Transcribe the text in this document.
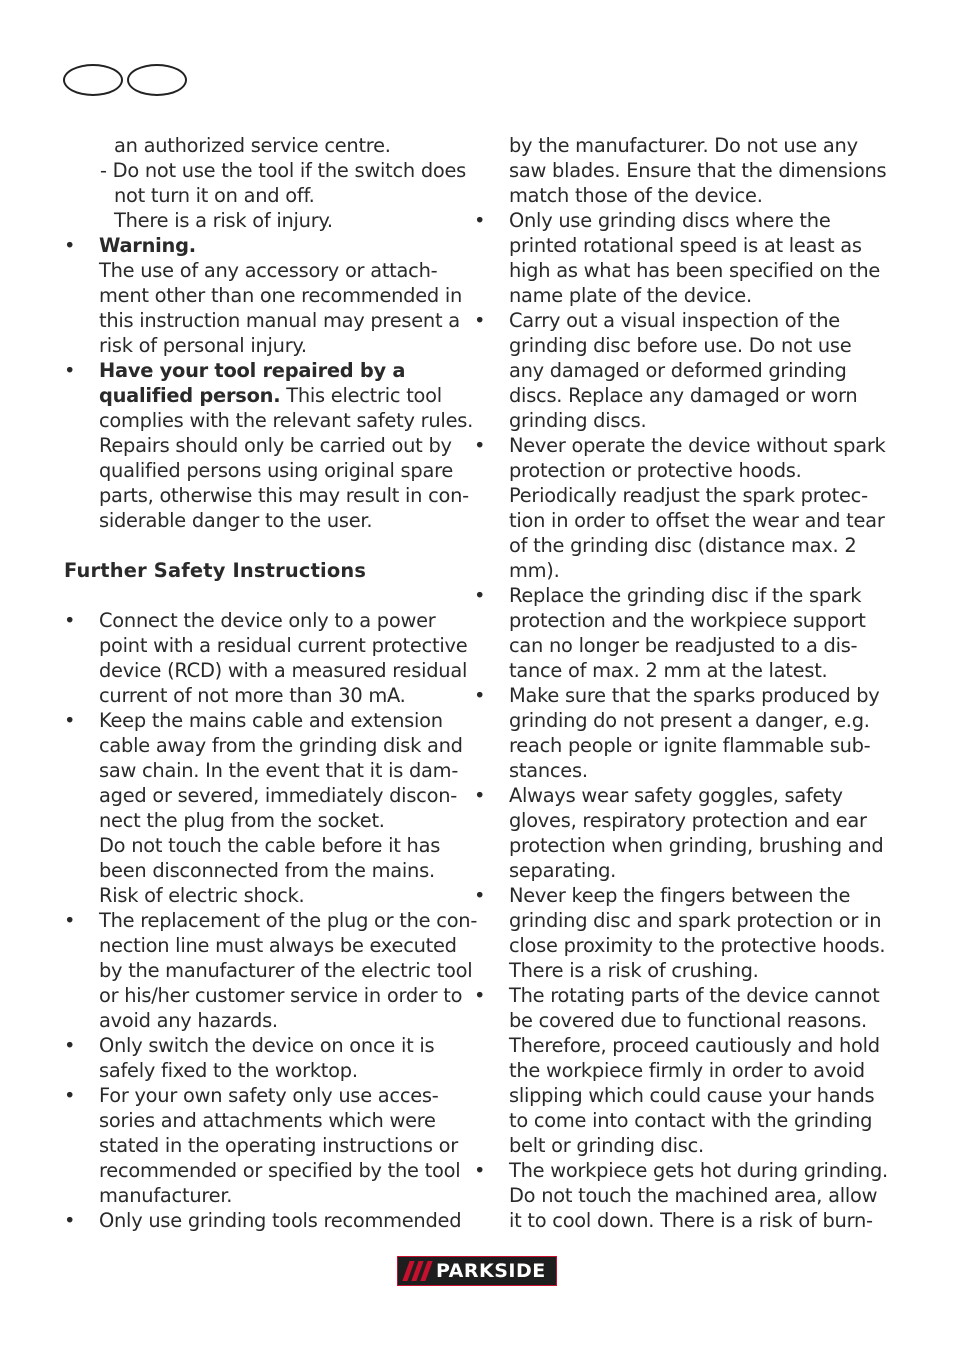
an authorized service centre.
- Do not use the tool if the switch does
not turn it on and off.
There is a risk of injury.
• Warning.
The use of any accessory or attach-
ment other than one recommended in
this instruction manual may present a
risk of personal injury.
• Have your tool repaired by a
qualified person. This electric tool
complies with the relevant safety rules.
Repairs should only be carried out by
qualified persons using original spare
parts, otherwise this may result in con-
siderable danger to the user.
Further Safety Instructions
• Connect the device only to a power
point with a residual current protective
device (RCD) with a measured residual
current of not more than 30 mA.
• Keep the mains cable and extension
cable away from the grinding disk and
saw chain. In the event that it is dam-
aged or severed, immediately discon-
nect the plug from the socket.
Do not touch the cable before it has
been disconnected from the mains.
Risk of electric shock.
• The replacement of the plug or the con-
nection line must always be executed
by the manufacturer of the electric tool
or his/her customer service in order to
avoid any hazards.
• Only switch the device on once it is
safely fixed to the worktop.
• For your own safety only use acces-
sories and attachments which were
stated in the operating instructions or
recommended or specified by the tool
manufacturer.
• Only use grinding tools recommended
by the manufacturer. Do not use any
saw blades. Ensure that the dimensions
match those of the device.
• Only use grinding discs where the
printed rotational speed is at least as
high as what has been specified on the
name plate of the device.
• Carry out a visual inspection of the
grinding disc before use. Do not use
any damaged or deformed grinding
discs. Replace any damaged or worn
grinding discs.
• Never operate the device without spark
protection or protective hoods.
Periodically readjust the spark protec-
tion in order to offset the wear and tear
of the grinding disc (distance max. 2
mm).
• Replace the grinding disc if the spark
protection and the workpiece support
can no longer be readjusted to a dis-
tance of max. 2 mm at the latest.
• Make sure that the sparks produced by
grinding do not present a danger, e.g.
reach people or ignite flammable sub-
stances.
• Always wear safety goggles, safety
gloves, respiratory protection and ear
protection when grinding, brushing and
separating.
• Never keep the fingers between the
grinding disc and spark protection or in
close proximity to the protective hoods.
There is a risk of crushing.
• The rotating parts of the device cannot
be covered due to functional reasons.
Therefore, proceed cautiously and hold
the workpiece firmly in order to avoid
slipping which could cause your hands
to come into contact with the grinding
belt or grinding disc.
• The workpiece gets hot during grinding.
Do not touch the machined area, allow
it to cool down. There is a risk of burn-
PARKSIDE
